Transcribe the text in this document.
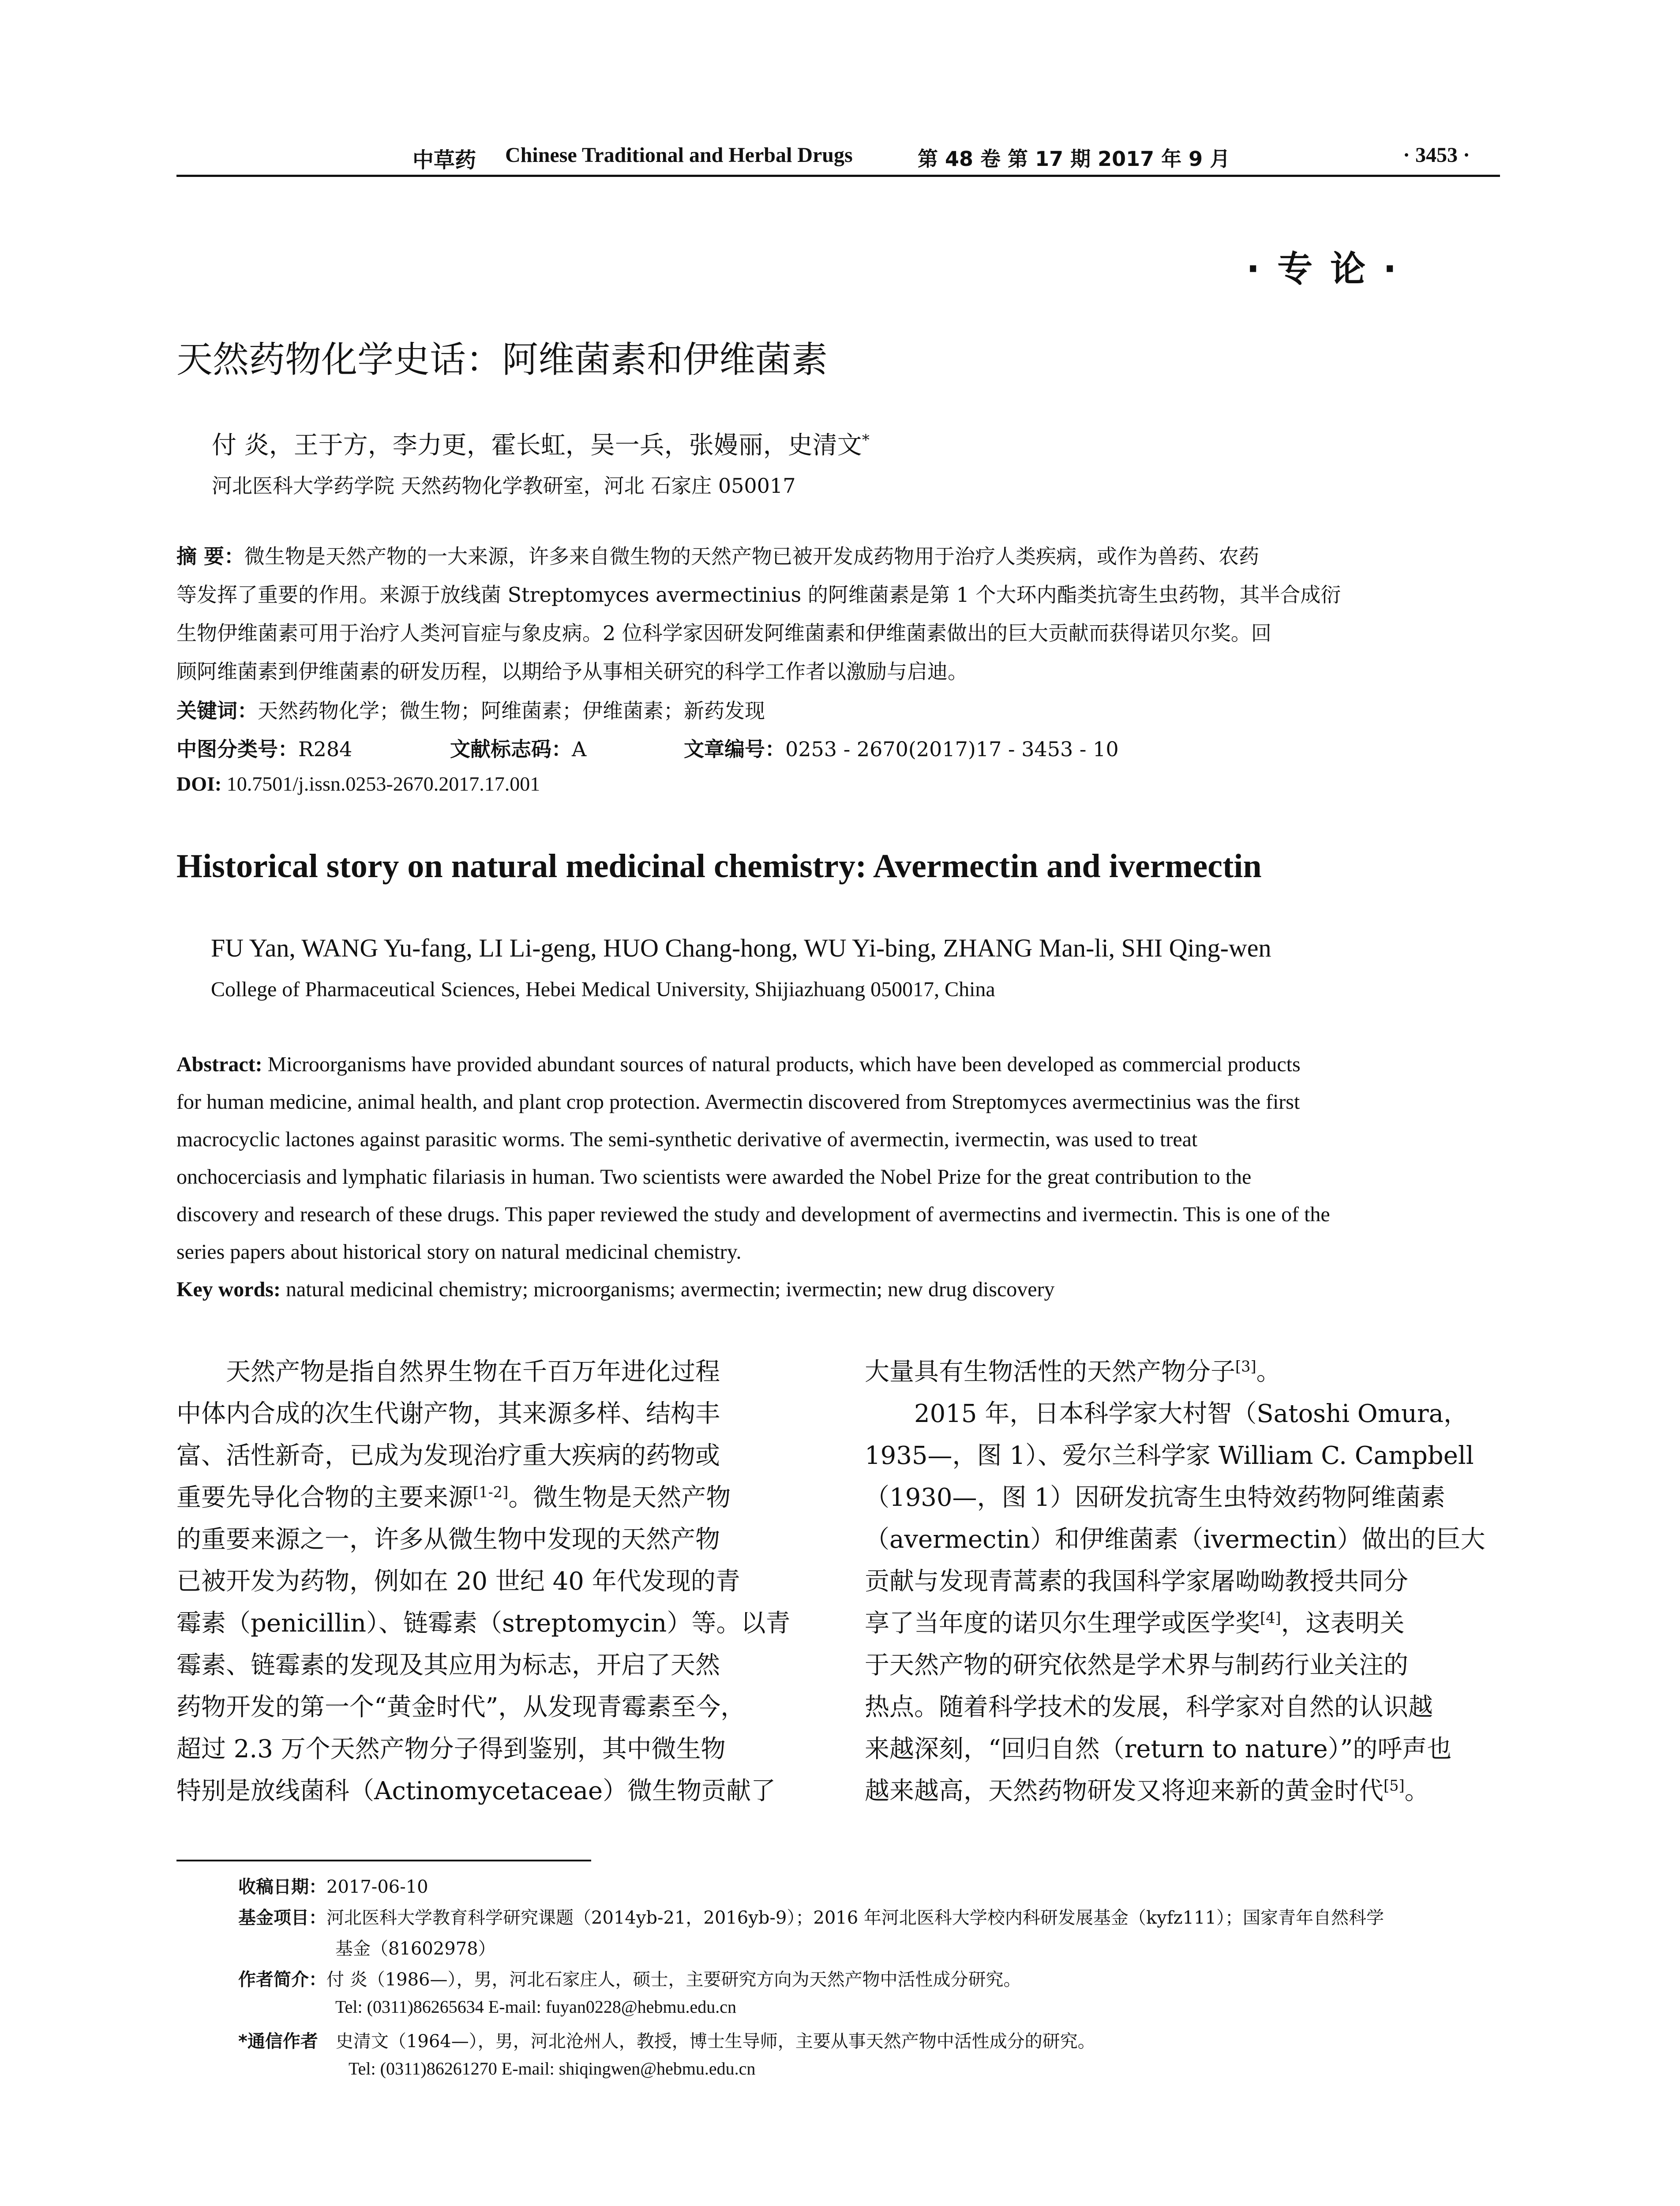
中草药 Chinese Traditional and Herbal Drugs	第 48 卷 第 17 期 2017 年 9 月	· 3453 ·
· 专 论 ·
天然药物化学史话：阿维菌素和伊维菌素
付 炎，王于方，李力更，霍长虹，吴一兵，张嫚丽，史清文*
河北医科大学药学院 天然药物化学教研室，河北 石家庄 050017
摘 要：微生物是天然产物的一大来源，许多来自微生物的天然产物已被开发成药物用于治疗人类疾病，或作为兽药、农药
等发挥了重要的作用。来源于放线菌 Streptomyces avermectinius 的阿维菌素是第 1 个大环内酯类抗寄生虫药物，其半合成衍
生物伊维菌素可用于治疗人类河盲症与象皮病。2 位科学家因研发阿维菌素和伊维菌素做出的巨大贡献而获得诺贝尔奖。回
顾阿维菌素到伊维菌素的研发历程，以期给予从事相关研究的科学工作者以激励与启迪。
关键词：天然药物化学；微生物；阿维菌素；伊维菌素；新药发现
中图分类号：R284	文献标志码：A	文章编号：0253 - 2670(2017)17 - 3453 - 10
DOI: 10.7501/j.issn.0253-2670.2017.17.001
Historical story on natural medicinal chemistry: Avermectin and ivermectin
FU Yan, WANG Yu-fang, LI Li-geng, HUO Chang-hong, WU Yi-bing, ZHANG Man-li, SHI Qing-wen
College of Pharmaceutical Sciences, Hebei Medical University, Shijiazhuang 050017, China
Abstract: Microorganisms have provided abundant sources of natural products, which have been developed as commercial products
for human medicine, animal health, and plant crop protection. Avermectin discovered from Streptomyces avermectinius was the first
macrocyclic lactones against parasitic worms. The semi-synthetic derivative of avermectin, ivermectin, was used to treat
onchocerciasis and lymphatic filariasis in human. Two scientists were awarded the Nobel Prize for the great contribution to the
discovery and research of these drugs. This paper reviewed the study and development of avermectins and ivermectin. This is one of the
series papers about historical story on natural medicinal chemistry.
Key words: natural medicinal chemistry; microorganisms; avermectin; ivermectin; new drug discovery
天然产物是指自然界生物在千百万年进化过程
中体内合成的次生代谢产物，其来源多样、结构丰
富、活性新奇，已成为发现治疗重大疾病的药物或
重要先导化合物的主要来源[1-2]。微生物是天然产物
的重要来源之一，许多从微生物中发现的天然产物
已被开发为药物，例如在 20 世纪 40 年代发现的青
霉素（penicillin）、链霉素（streptomycin）等。以青
霉素、链霉素的发现及其应用为标志，开启了天然
药物开发的第一个“黄金时代”，从发现青霉素至今，
超过 2.3 万个天然产物分子得到鉴别，其中微生物
特别是放线菌科（Actinomycetaceae）微生物贡献了
大量具有生物活性的天然产物分子[3]。
2015 年，日本科学家大村智（Satoshi Omura，
1935—，图 1）、爱尔兰科学家 William C. Campbell
（1930—，图 1）因研发抗寄生虫特效药物阿维菌素
（avermectin）和伊维菌素（ivermectin）做出的巨大
贡献与发现青蒿素的我国科学家屠呦呦教授共同分
享了当年度的诺贝尔生理学或医学奖[4]，这表明关
于天然产物的研究依然是学术界与制药行业关注的
热点。随着科学技术的发展，科学家对自然的认识越
来越深刻，“回归自然（return to nature）”的呼声也
越来越高，天然药物研发又将迎来新的黄金时代[5]。
收稿日期：2017-06-10
基金项目：河北医科大学教育科学研究课题（2014yb-21，2016yb-9）；2016 年河北医科大学校内科研发展基金（kyfz111）；国家青年自然科学
基金（81602978）
作者简介：付 炎（1986—），男，河北石家庄人，硕士，主要研究方向为天然产物中活性成分研究。
Tel: (0311)86265634 E-mail: fuyan0228@hebmu.edu.cn
*通信作者 史清文（1964—），男，河北沧州人，教授，博士生导师，主要从事天然产物中活性成分的研究。
Tel: (0311)86261270 E-mail: shiqingwen@hebmu.edu.cn
